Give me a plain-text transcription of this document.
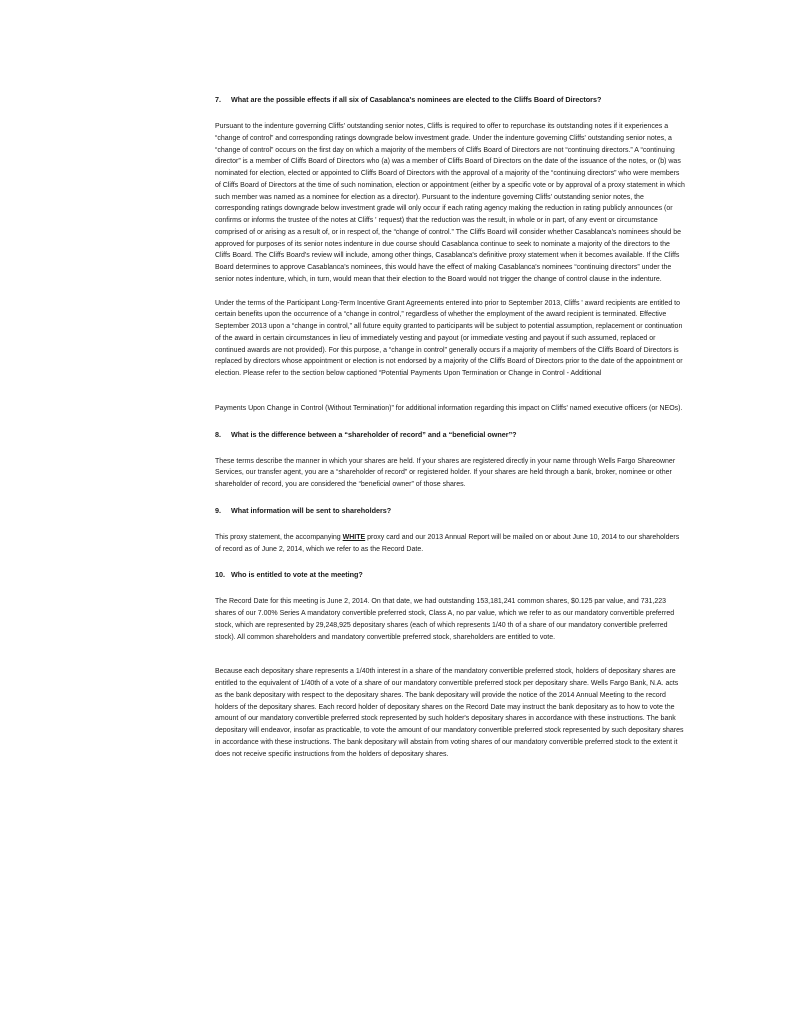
7. What are the possible effects if all six of Casablanca's nominees are elected to the Cliffs Board of Directors?

Pursuant to the indenture governing Cliffs' outstanding senior notes, Cliffs is required to offer to repurchase its outstanding notes if it experiences a “change of control” and corresponding ratings downgrade below investment grade. Under the indenture governing Cliffs' outstanding senior notes, a “change of control” occurs on the first day on which a majority of the members of Cliffs Board of Directors are not “continuing directors.” A “continuing director” is a member of Cliffs Board of Directors who (a) was a member of Cliffs Board of Directors on the date of the issuance of the notes, or (b) was nominated for election, elected or appointed to Cliffs Board of Directors with the approval of a majority of the “continuing directors” who were members of Cliffs Board of Directors at the time of such nomination, election or appointment (either by a specific vote or by approval of a proxy statement in which such member was named as a nominee for election as a director). Pursuant to the indenture governing Cliffs' outstanding senior notes, the corresponding ratings downgrade below investment grade will only occur if each rating agency making the reduction in rating publicly announces (or confirms or informs the trustee of the notes at Cliffs ' request) that the reduction was the result, in whole or in part, of any event or circumstance comprised of or arising as a result of, or in respect of, the “change of control.” The Cliffs Board will consider whether Casablanca's nominees should be approved for purposes of its senior notes indenture in due course should Casablanca continue to seek to nominate a majority of the directors to the Cliffs Board. The Cliffs Board's review will include, among other things, Casablanca's definitive proxy statement when it becomes available. If the Cliffs Board determines to approve Casablanca's nominees, this would have the effect of making Casablanca's nominees “continuing directors” under the senior notes indenture, which, in turn, would mean that their election to the Board would not trigger the change of control clause in the indenture.

Under the terms of the Participant Long-Term Incentive Grant Agreements entered into prior to September 2013, Cliffs ' award recipients are entitled to certain benefits upon the occurrence of a “change in control,” regardless of whether the employment of the award recipient is terminated. Effective September 2013 upon a “change in control,” all future equity granted to participants will be subject to potential assumption, replacement or continuation of the award in certain circumstances in lieu of immediately vesting and payout (or immediate vesting and payout if such assumed, replaced or continued awards are not provided). For this purpose, a “change in control” generally occurs if a majority of members of the Cliffs Board of Directors is replaced by directors whose appointment or election is not endorsed by a majority of the Cliffs Board of Directors prior to the date of the appointment or election. Please refer to the section below captioned “Potential Payments Upon Termination or Change in Control - Additional

Payments Upon Change in Control (Without Termination)” for additional information regarding this impact on Cliffs' named executive officers (or NEOs).

8. What is the difference between a “shareholder of record” and a “beneficial owner”?

These terms describe the manner in which your shares are held. If your shares are registered directly in your name through Wells Fargo Shareowner Services, our transfer agent, you are a “shareholder of record” or registered holder. If your shares are held through a bank, broker, nominee or other shareholder of record, you are considered the “beneficial owner” of those shares.

9. What information will be sent to shareholders?

This proxy statement, the accompanying WHITE proxy card and our 2013 Annual Report will be mailed on or about June 10, 2014 to our shareholders of record as of June 2, 2014, which we refer to as the Record Date.

10. Who is entitled to vote at the meeting?

The Record Date for this meeting is June 2, 2014. On that date, we had outstanding 153,181,241 common shares, $0.125 par value, and 731,223 shares of our 7.00% Series A mandatory convertible preferred stock, Class A, no par value, which we refer to as our mandatory convertible preferred stock, which are represented by 29,248,925 depositary shares (each of which represents 1/40 th of a share of our mandatory convertible preferred stock). All common shareholders and mandatory convertible preferred stock, shareholders are entitled to vote.

Because each depositary share represents a 1/40th interest in a share of the mandatory convertible preferred stock, holders of depositary shares are entitled to the equivalent of 1/40th of a vote of a share of our mandatory convertible preferred stock per depositary share. Wells Fargo Bank, N.A. acts as the bank depositary with respect to the depositary shares. The bank depositary will provide the notice of the 2014 Annual Meeting to the record holders of the depositary shares. Each record holder of depositary shares on the Record Date may instruct the bank depositary as to how to vote the amount of our mandatory convertible preferred stock represented by such holder's depositary shares in accordance with these instructions. The bank depositary will endeavor, insofar as practicable, to vote the amount of our mandatory convertible preferred stock represented by such depositary shares in accordance with these instructions. The bank depositary will abstain from voting shares of our mandatory convertible preferred stock to the extent it does not receive specific instructions from the holders of depositary shares.
